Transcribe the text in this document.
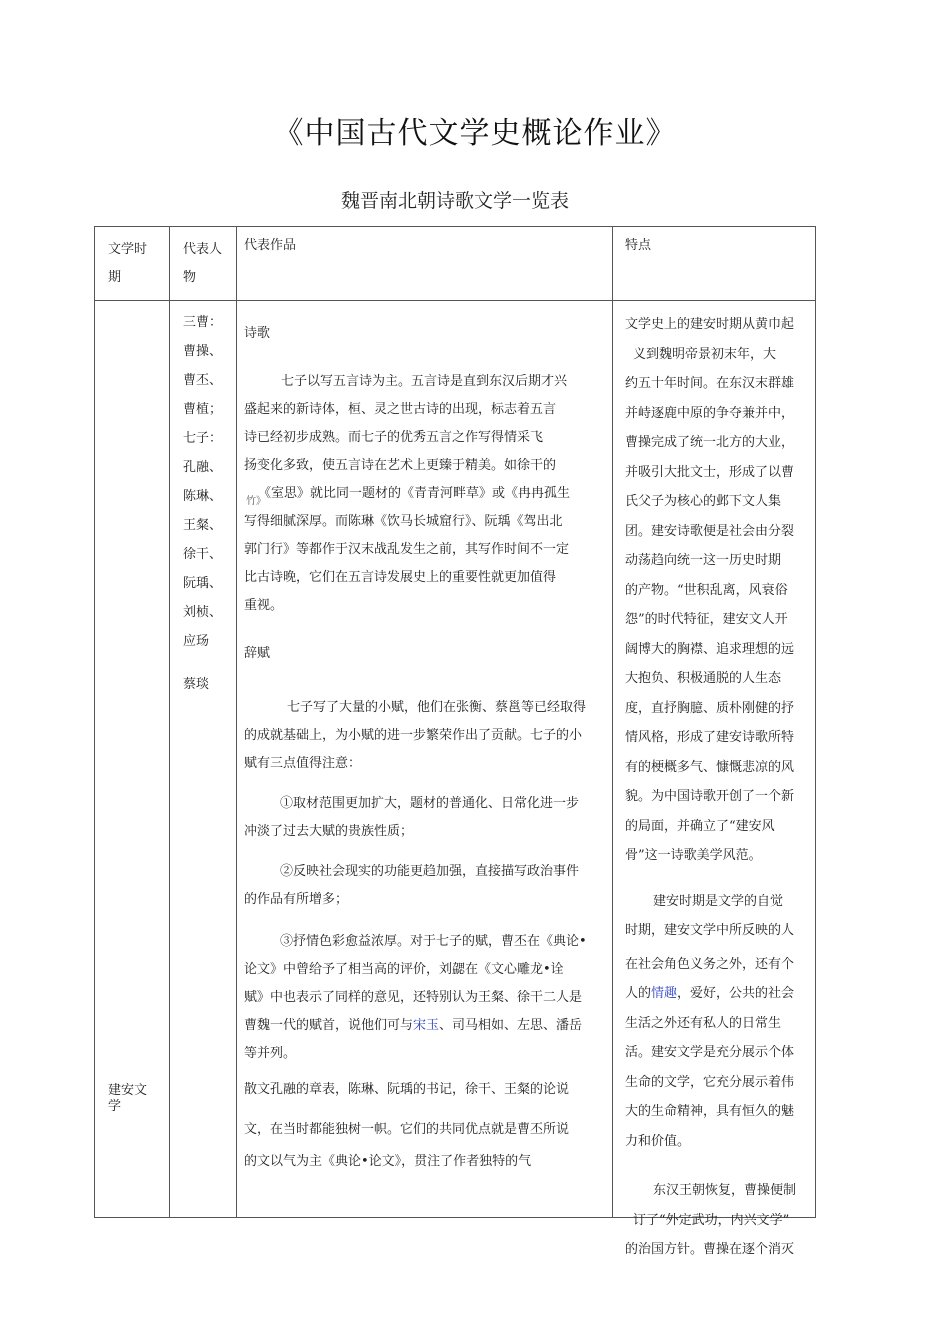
《中国古代文学史概论作业》
魏晋南北朝诗歌文学一览表
文学时期
代表人物
代表作品	特点
建安文学
三曹：
曹操、
曹丕、
曹植；
七子：
孔融、
陈琳、
王粲、
徐干、
阮瑀、
刘桢、
应玚
蔡琰

诗歌

七子以写五言诗为主。五言诗是直到东汉后期才兴

盛起来的新诗体，桓、灵之世古诗的出现，标志着五言

诗已经初步成熟。而七子的优秀五言之作写得情采飞

扬变化多致，使五言诗在艺术上更臻于精美。如徐干的

竹》

《室思》就比同一题材的《青青河畔草》或《冉冉孤生

写得细腻深厚。而陈琳《饮马长城窟行》、阮瑀《驾出北

郭门行》等都作于汉末战乱发生之前，其写作时间不一定

比古诗晚，它们在五言诗发展史上的重要性就更加值得

重视。

辞赋

七子写了大量的小赋，他们在张衡、蔡邕等已经取得

的成就基础上，为小赋的进一步繁荣作出了贡献。七子的小

赋有三点值得注意：

①取材范围更加扩大，题材的普通化、日常化进一步

冲淡了过去大赋的贵族性质；

②反映社会现实的功能更趋加强，直接描写政治事件

的作品有所增多；

③抒情色彩愈益浓厚。对于七子的赋，曹丕在《典论•

论文》中曾给予了相当高的评价，刘勰在《文心雕龙•诠

赋》中也表示了同样的意见，还特别认为王粲、徐干二人是

曹魏一代的赋首，说他们可与宋玉、司马相如、左思、潘岳

等并列。

散文孔融的章表，陈琳、阮瑀的书记，徐干、王粲的论说

文，在当时都能独树一帜。它们的共同优点就是曹丕所说

的文以气为主《典论•论文》，贯注了作者独特的气

文学史上的建安时期从黄巾起

义到魏明帝景初末年，大

约五十年时间。在东汉末群雄

并峙逐鹿中原的争夺兼并中，

曹操完成了统一北方的大业，

并吸引大批文士，形成了以曹

氏父子为核心的邺下文人集

团。建安诗歌便是社会由分裂

动荡趋向统一这一历史时期

的产物。“世积乱离，风衰俗

怨”的时代特征，建安文人开

阔博大的胸襟、追求理想的远

大抱负、积极通脱的人生态

度，直抒胸臆、质朴刚健的抒

情风格，形成了建安诗歌所特

有的梗概多气、慷慨悲凉的风

貌。为中国诗歌开创了一个新

的局面，并确立了“建安风

骨”这一诗歌美学风范。

建安时期是文学的自觉

时期，建安文学中所反映的人

在社会角色义务之外，还有个

人的情趣，爱好，公共的社会

生活之外还有私人的日常生

活。建安文学是充分展示个体

生命的文学，它充分展示着伟

大的生命精神，具有恒久的魅

力和价值。

东汉王朝恢复，曹操便制

订了“外定武功，内兴文学”

的治国方针。曹操在逐个消灭
